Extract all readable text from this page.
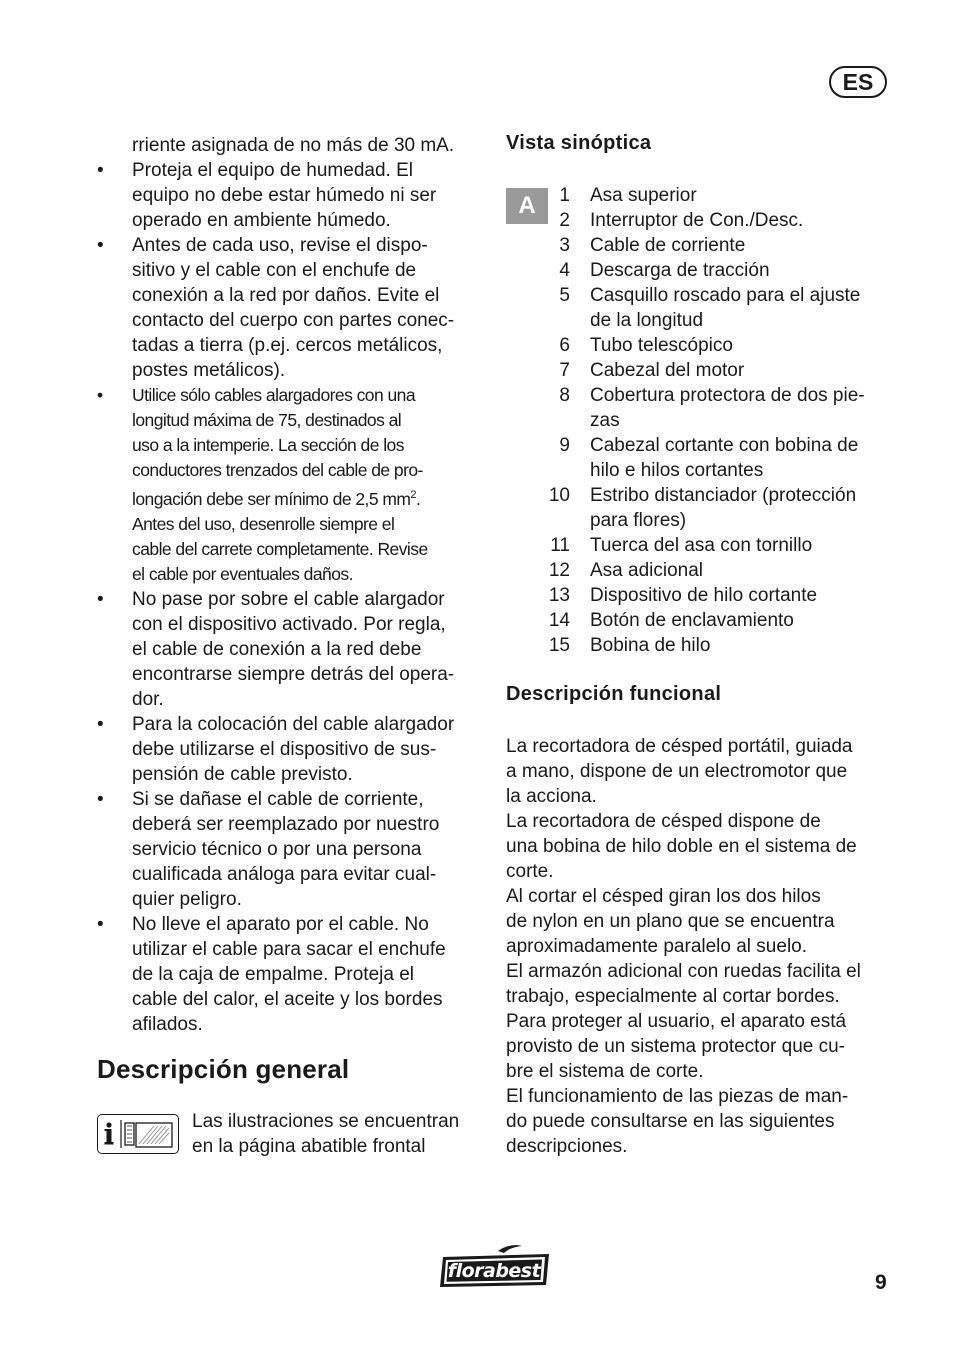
ES

rriente asignada de no más de 30 mA.

• Proteja el equipo de humedad. El
equipo no debe estar húmedo ni ser
operado en ambiente húmedo.
• Antes de cada uso, revise el dispo-
sitivo y el cable con el enchufe de
conexión a la red por daños. Evite el
contacto del cuerpo con partes conec-
tadas a tierra (p.ej. cercos metálicos,
postes metálicos).
• Utilice sólo cables alargadores con una
longitud máxima de 75, destinados al
uso a la intemperie. La sección de los
conductores trenzados del cable de pro-
longación debe ser mínimo de 2,5 $mm^2$.
Antes del uso, desenrolle siempre el
cable del carrete completamente. Revise
el cable por eventuales daños.
• No pase por sobre el cable alargador
con el dispositivo activado. Por regla,
el cable de conexión a la red debe
encontrarse siempre detrás del opera-
dor.
• Para la colocación del cable alargador
debe utilizarse el dispositivo de sus-
pensión de cable previsto.
• Si se dañase el cable de corriente,
deberá ser reemplazado por nuestro
servicio técnico o por una persona
cualificada análoga para evitar cual-
quier peligro.
• No lleve el aparato por el cable. No
utilizar el cable para sacar el enchufe
de la caja de empalme. Proteja el
cable del calor, el aceite y los bordes
afilados.
Descripción general
Las ilustraciones se encuentran
en la página abatible frontal
Vista sinóptica
A	1 Asa superior
2 Interruptor de Con./Desc.
3 Cable de corriente
4 Descarga de tracción
5 Casquillo roscado para el ajuste
de la longitud
6 Tubo telescópico
7 Cabezal del motor
8 Cobertura protectora de dos pie-
zas
9 Cabezal cortante con bobina de
hilo e hilos cortantes
10 Estribo distanciador (protección
para flores)
11 Tuerca del asa con tornillo
12 Asa adicional
13 Dispositivo de hilo cortante
14 Botón de enclavamiento
15 Bobina de hilo
Descripción funcional

La recortadora de césped portátil, guiada

a mano, dispone de un electromotor que

la acciona.

La recortadora de césped dispone de

una bobina de hilo doble en el sistema de

corte.

Al cortar el césped giran los dos hilos

de nylon en un plano que se encuentra

aproximadamente paralelo al suelo.

El armazón adicional con ruedas facilita el

trabajo, especialmente al cortar bordes.

Para proteger al usuario, el aparato está

provisto de un sistema protector que cu-

bre el sistema de corte.

El funcionamiento de las piezas de man-

do puede consultarse en las siguientes

descripciones.

florabest	9
